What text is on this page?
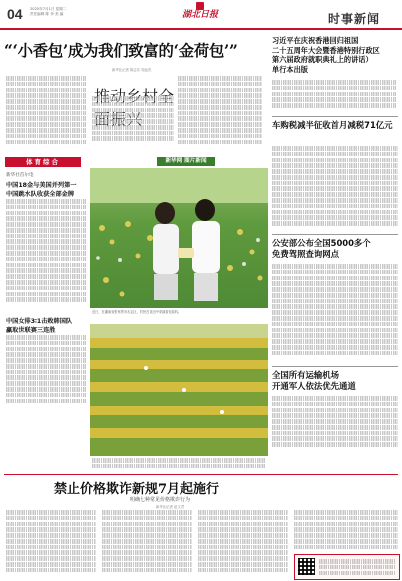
04 2025年7月1日 星期二
责任编辑 陈 李 美 编	湖北日报	时事新闻
“‘小香包’成为我们致富的‘金荷包’”
新华社记者 陈志宏 周远杰
体育综合
新华社首尔电
中国18金与美国并列第一
中国跳水队收获全部金牌
中国女排3∶1击败韩国队
赢取世联赛三连胜
新华网 图片新闻
近日，在湖南省张家界市永定区，村民在花田中采摘香包原料。
习近平在庆祝香港回归祖国
二十五周年大会暨香港特别行政区
第六届政府就职典礼上的讲话）
单行本出版
车购税减半征收首月减税71亿元
公安部公布全国5000多个
免费驾照查询网点
全国所有运输机场
开通军人依法优先通道
禁止价格欺诈新规7月起施行
明确七种常见价格欺诈行为
新华社记者 赵文君
